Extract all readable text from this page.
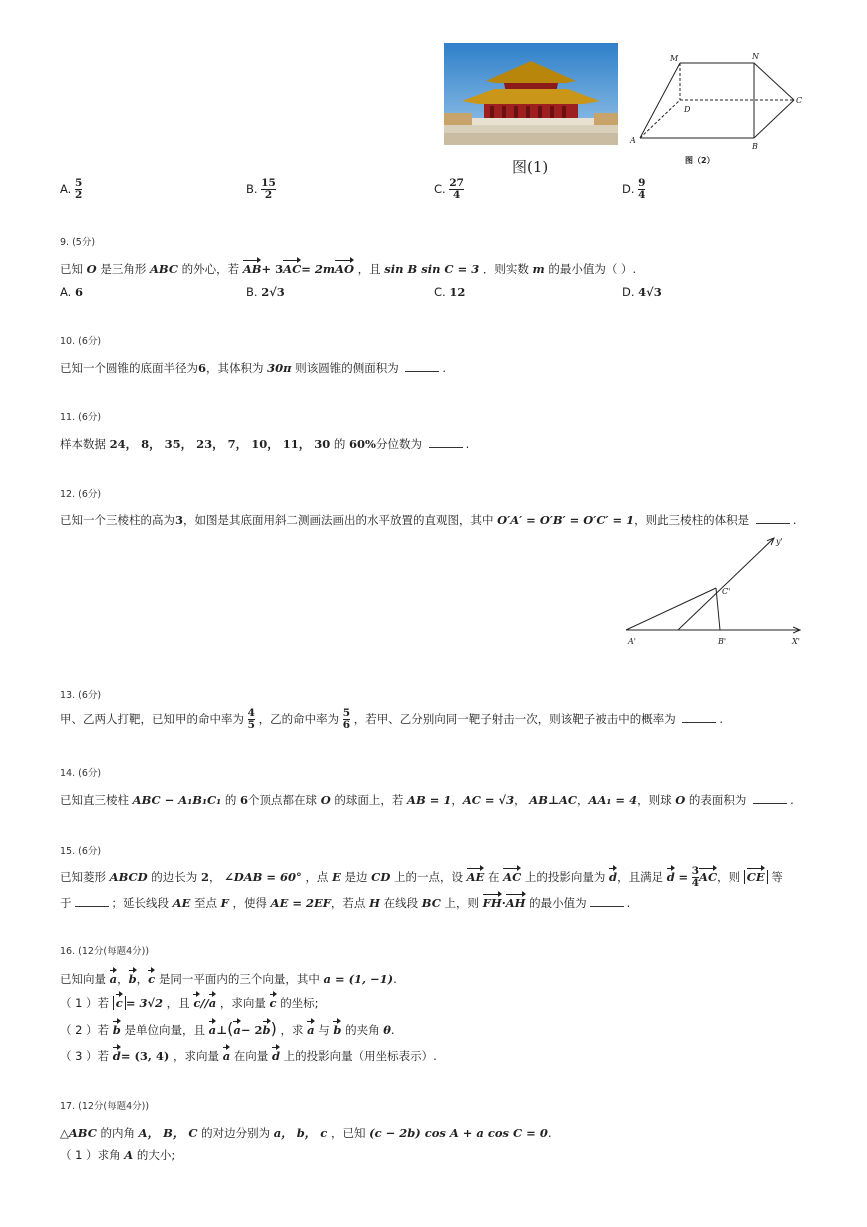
图(1)
M	N
D
C
A
B
图（2）
A. $\frac{5}{2}$	B. $\frac{15}{2}$	C. $\frac{27}{4}$	D. $\frac{9}{4}$
9. (5分)
已知 O 是三角形 ABC 的外心，若 AB+ 3AC= 2mAO ，且 sin B sin C = 3 ．则实数 m 的最小值为（ ）.
A. 6	B. 2√3	C. 12	D. 4√3
10. (6分)
已知一个圆锥的底面半径为6，其体积为 30π 则该圆锥的侧面积为	.
11. (6分)
样本数据 24， 8， 35， 23， 7， 10， 11， 30 的 60%分位数为	.
12. (6分)
已知一个三棱柱的高为3，如图是其底面用斜二测画法画出的水平放置的直观图，其中 O′A′ = O′B′ = O′C′ = 1，则此三棱柱的体积是	.
y'
C'
A'	B'	X'
13. (6分)
甲、乙两人打靶，已知甲的命中率为 $\frac{4}{5}$ ，乙的命中率为 $\frac{5}{6}$ ，若甲、乙分别向同一靶子射击一次，则该靶子被击中的概率为	.
14. (6分)
已知直三棱柱 ABC − A₁B₁C₁ 的 6个顶点都在球 O 的球面上，若 AB = 1，AC = √3， AB⊥AC，AA₁ = 4，则球 O 的表面积为	.
15. (6分)
已知菱形 ABCD 的边长为 2， ∠DAB = 60° ，点 E 是边 CD 上的一点，设 AE 在 AC 上的投影向量为 d，且满足 $d = \frac{3}{4}$ AC，则 CE 等
于	；延长线段 AE 至点 F ，使得 AE = 2EF，若点 H 在线段 BC 上，则 FH·AH 的最小值为	.
16. (12分(每题4分))
已知向量 a，b，c 是同一平面内的三个向量，其中 a = (1, −1).
（ 1 ）若 c = 3√2 ，且 c//a ，求向量 c 的坐标;
（ 2 ）若 b 是单位向量，且 a⊥(a− 2b) ，求 a 与 b 的夹角 θ.
（ 3 ）若 d= (3, 4) ，求向量 a 在向量 d 上的投影向量（用坐标表示）.
17. (12分(每题4分))
△ABC 的内角 A， B， C 的对边分别为 a， b， c ，已知 (c − 2b) cos A + a cos C = 0.
（ 1 ）求角 A 的大小;
